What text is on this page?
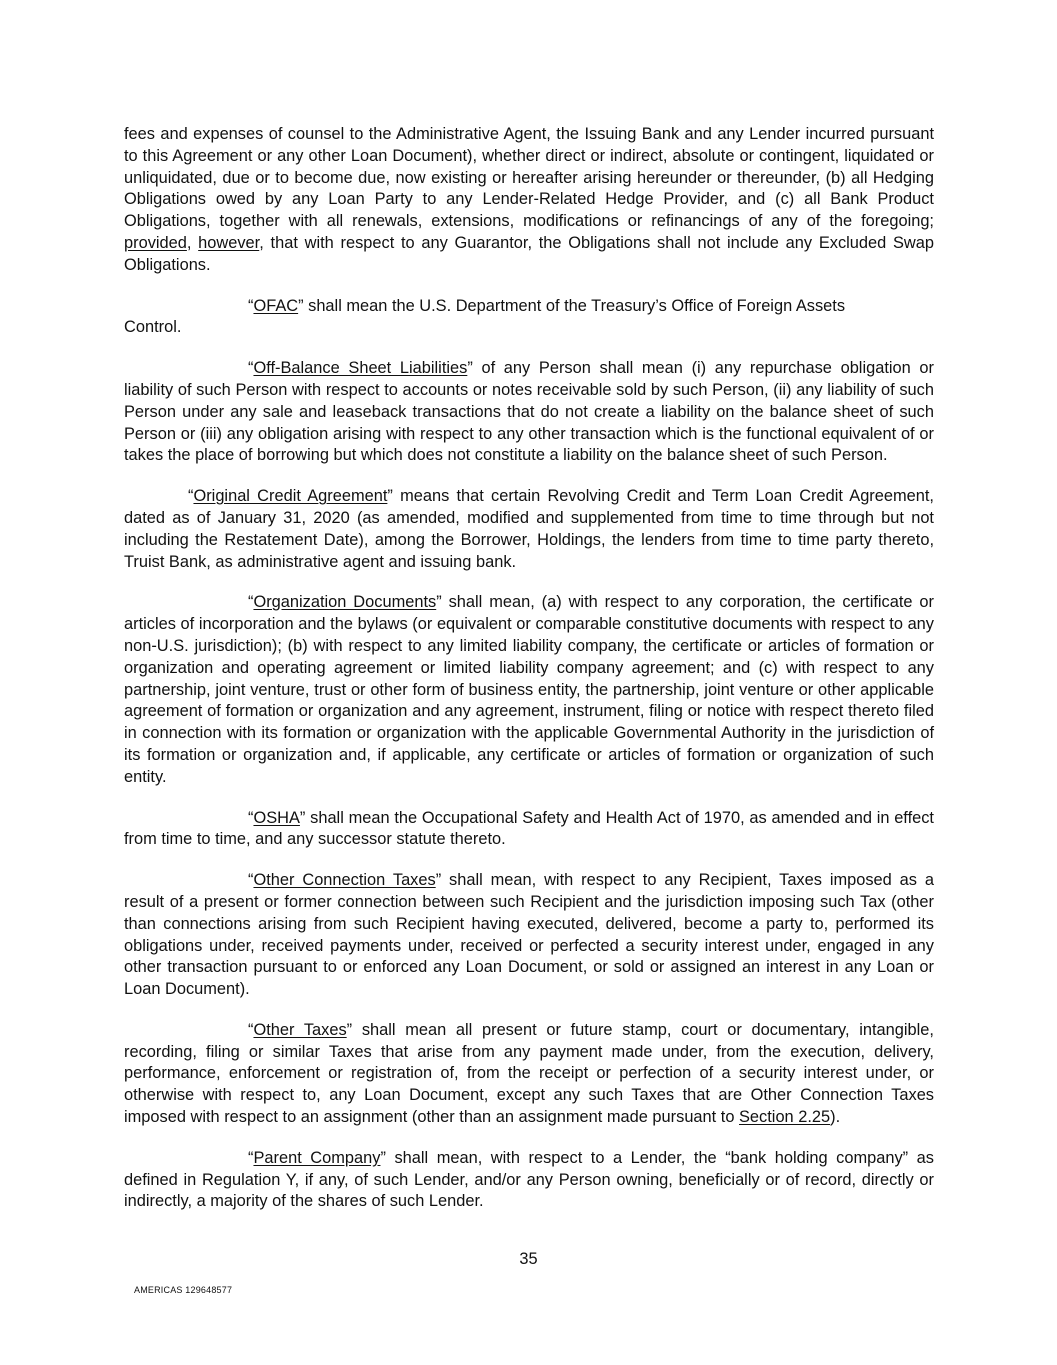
fees and expenses of counsel to the Administrative Agent, the Issuing Bank and any Lender incurred pursuant to this Agreement or any other Loan Document), whether direct or indirect, absolute or contingent, liquidated or unliquidated, due or to become due, now existing or hereafter arising hereunder or thereunder, (b) all Hedging Obligations owed by any Loan Party to any Lender-Related Hedge Provider, and (c) all Bank Product Obligations, together with all renewals, extensions, modifications or refinancings of any of the foregoing; provided, however, that with respect to any Guarantor, the Obligations shall not include any Excluded Swap Obligations.

“OFAC” shall mean the U.S. Department of the Treasury’s Office of Foreign Assets

Control.

“Off-Balance Sheet Liabilities” of any Person shall mean (i) any repurchase obligation or liability of such Person with respect to accounts or notes receivable sold by such Person, (ii) any liability of such Person under any sale and leaseback transactions that do not create a liability on the balance sheet of such Person or (iii) any obligation arising with respect to any other transaction which is the functional equivalent of or takes the place of borrowing but which does not constitute a liability on the balance sheet of such Person.

“Original Credit Agreement” means that certain Revolving Credit and Term Loan Credit Agreement, dated as of January 31, 2020 (as amended, modified and supplemented from time to time through but not including the Restatement Date), among the Borrower, Holdings, the lenders from time to time party thereto, Truist Bank, as administrative agent and issuing bank.

“Organization Documents” shall mean, (a) with respect to any corporation, the certificate or articles of incorporation and the bylaws (or equivalent or comparable constitutive documents with respect to any non-U.S. jurisdiction); (b) with respect to any limited liability company, the certificate or articles of formation or organization and operating agreement or limited liability company agreement; and (c) with respect to any partnership, joint venture, trust or other form of business entity, the partnership, joint venture or other applicable agreement of formation or organization and any agreement, instrument, filing or notice with respect thereto filed in connection with its formation or organization with the applicable Governmental Authority in the jurisdiction of its formation or organization and, if applicable, any certificate or articles of formation or organization of such entity.

“OSHA” shall mean the Occupational Safety and Health Act of 1970, as amended and in effect from time to time, and any successor statute thereto.

“Other Connection Taxes” shall mean, with respect to any Recipient, Taxes imposed as a result of a present or former connection between such Recipient and the jurisdiction imposing such Tax (other than connections arising from such Recipient having executed, delivered, become a party to, performed its obligations under, received payments under, received or perfected a security interest under, engaged in any other transaction pursuant to or enforced any Loan Document, or sold or assigned an interest in any Loan or Loan Document).

“Other Taxes” shall mean all present or future stamp, court or documentary, intangible, recording, filing or similar Taxes that arise from any payment made under, from the execution, delivery, performance, enforcement or registration of, from the receipt or perfection of a security interest under, or otherwise with respect to, any Loan Document, except any such Taxes that are Other Connection Taxes imposed with respect to an assignment (other than an assignment made pursuant to Section 2.25).

“Parent Company” shall mean, with respect to a Lender, the “bank holding company” as defined in Regulation Y, if any, of such Lender, and/or any Person owning, beneficially or of record, directly or indirectly, a majority of the shares of such Lender.

35
AMERICAS 129648577
